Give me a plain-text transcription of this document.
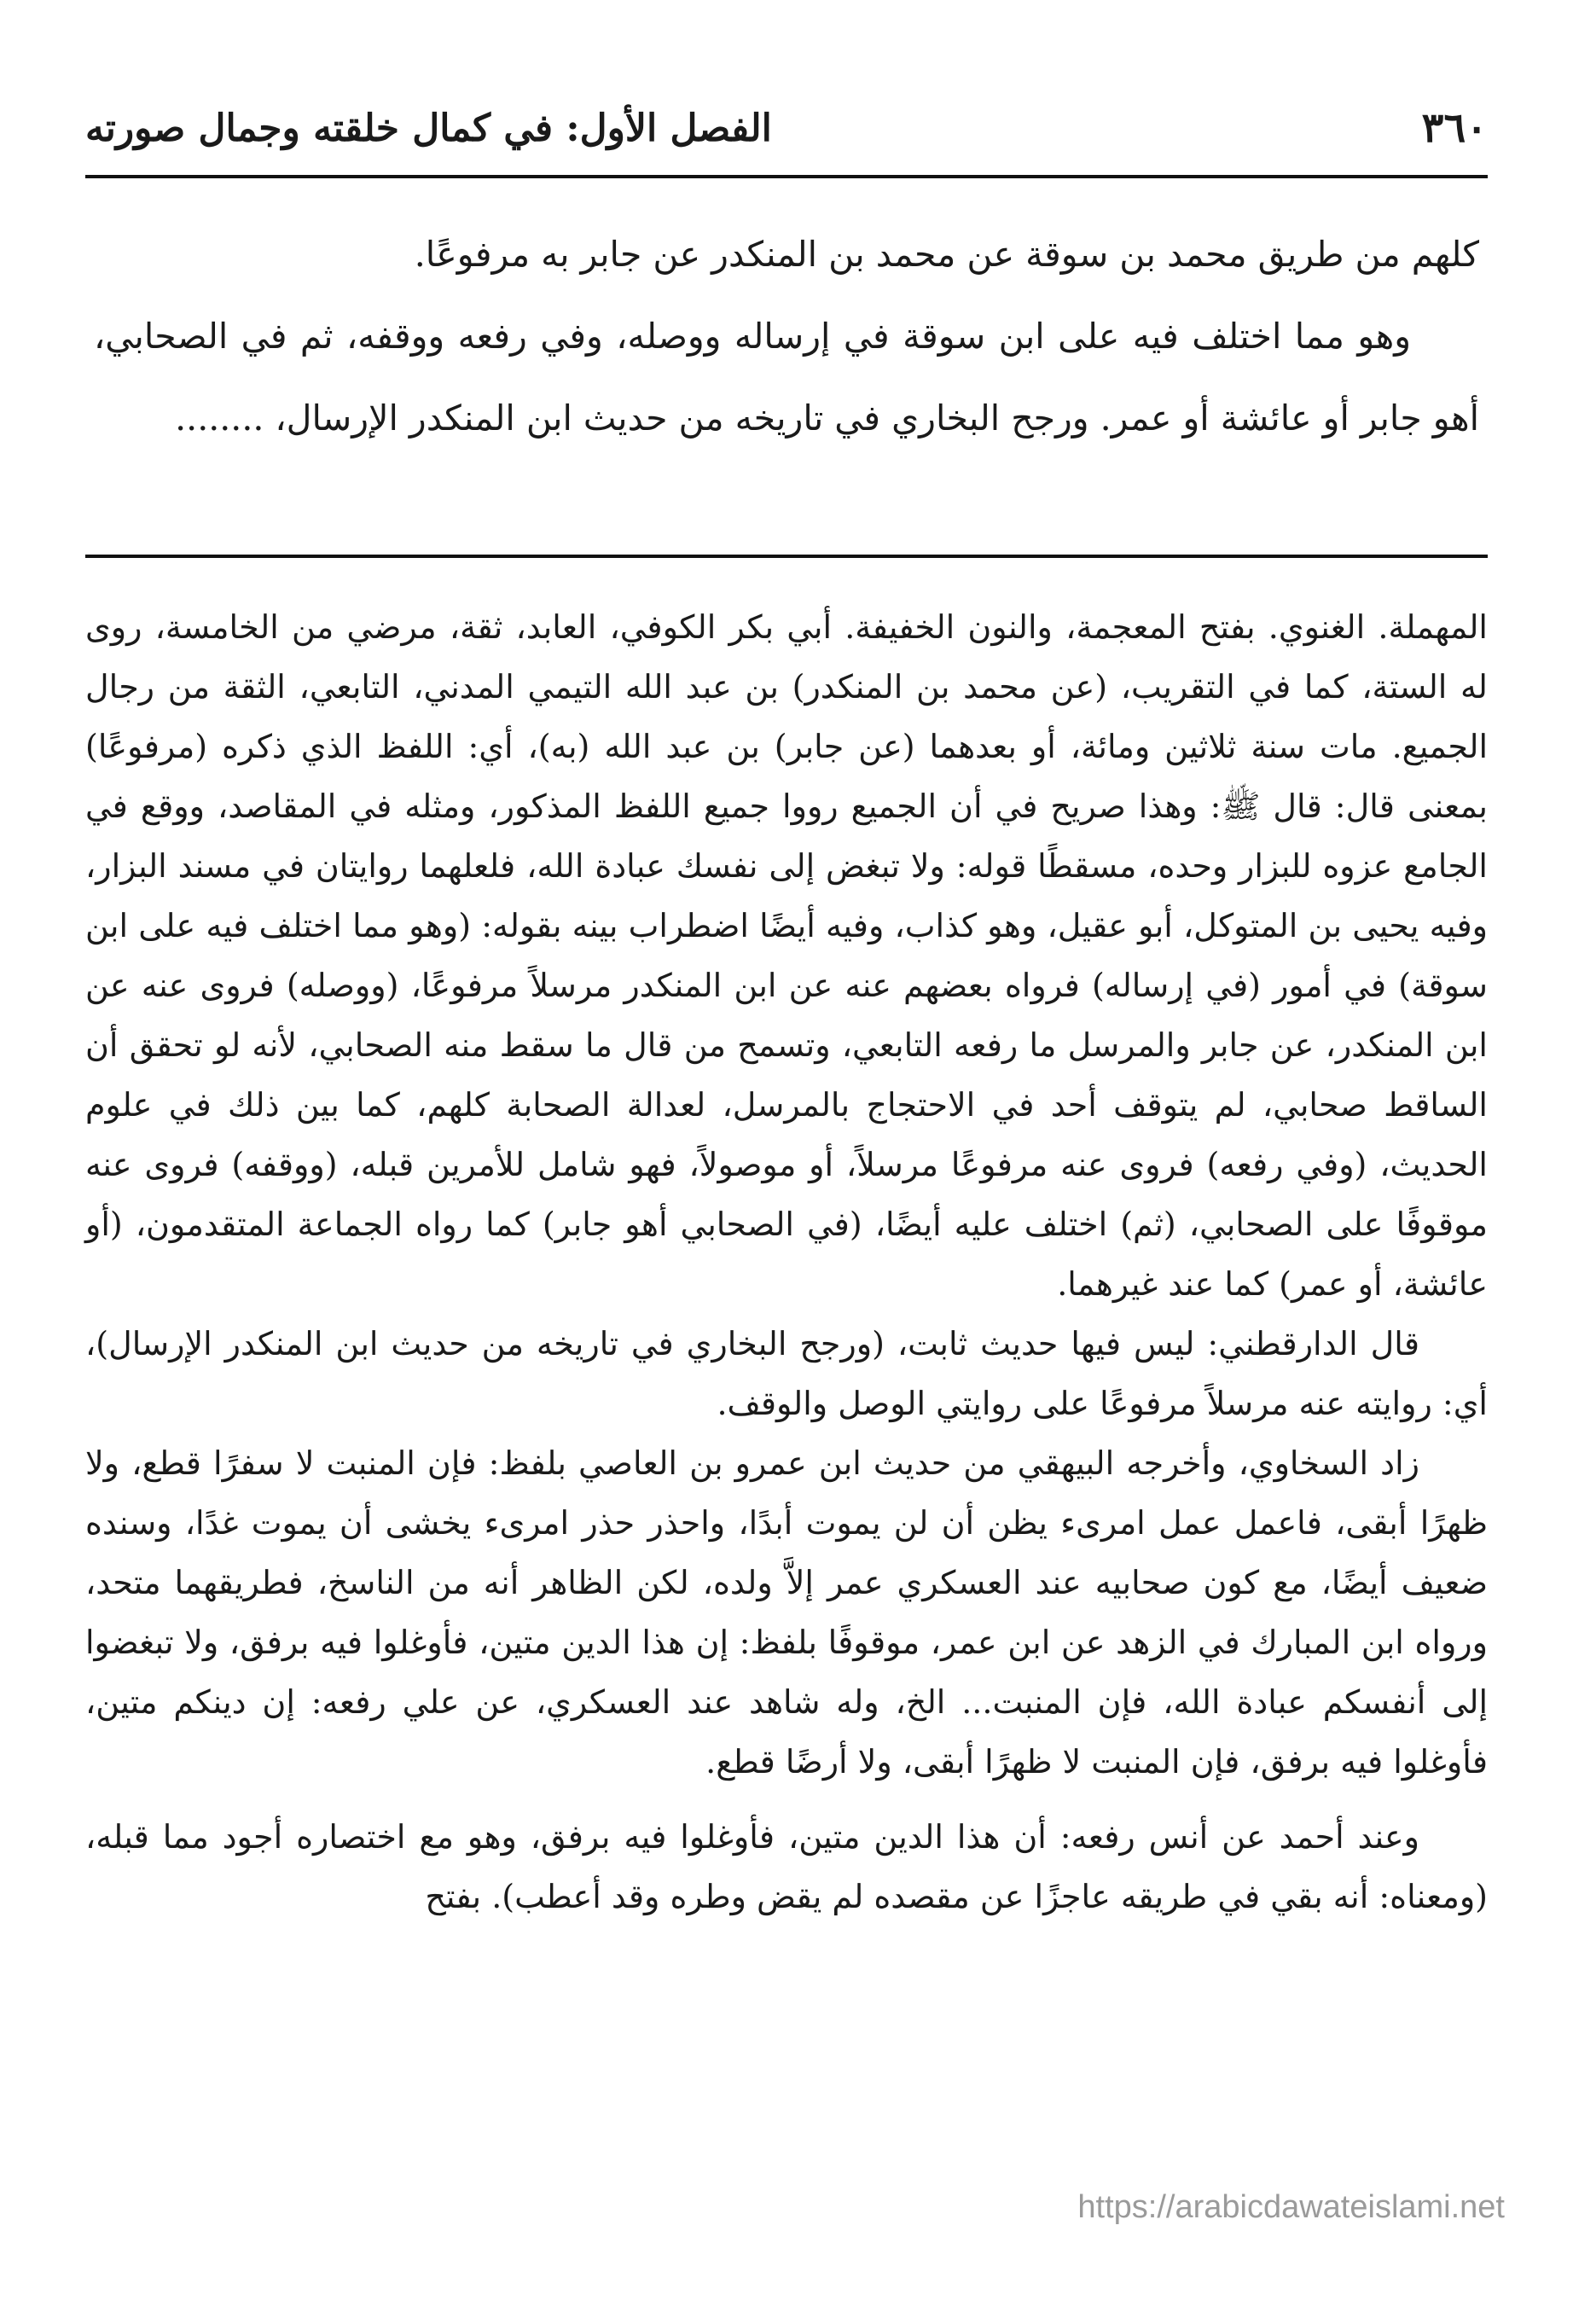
٣٦٠
الفصل الأول: في كمال خلقته وجمال صورته

كلهم من طريق محمد بن سوقة عن محمد بن المنكدر عن جابر به مرفوعًا.

وهو مما اختلف فيه على ابن سوقة في إرساله ووصله، وفي رفعه ووقفه، ثم في الصحابي، أهو جابر أو عائشة أو عمر. ورجح البخاري في تاريخه من حديث ابن المنكدر الإرسال، ........

المهملة. الغنوي. بفتح المعجمة، والنون الخفيفة. أبي بكر الكوفي، العابد، ثقة، مرضي من الخامسة، روى له الستة، كما في التقريب، (عن محمد بن المنكدر) بن عبد الله التيمي المدني، التابعي، الثقة من رجال الجميع. مات سنة ثلاثين ومائة، أو بعدهما (عن جابر) بن عبد الله (به)، أي: اللفظ الذي ذكره (مرفوعًا) بمعنى قال: قال ﷺ: وهذا صريح في أن الجميع رووا جميع اللفظ المذكور، ومثله في المقاصد، ووقع في الجامع عزوه للبزار وحده، مسقطًا قوله: ولا تبغض إلى نفسك عبادة الله، فلعلهما روايتان في مسند البزار، وفيه يحيى بن المتوكل، أبو عقيل، وهو كذاب، وفيه أيضًا اضطراب بينه بقوله: (وهو مما اختلف فيه على ابن سوقة) في أمور (في إرساله) فرواه بعضهم عنه عن ابن المنكدر مرسلاً مرفوعًا، (ووصله) فروى عنه عن ابن المنكدر، عن جابر والمرسل ما رفعه التابعي، وتسمح من قال ما سقط منه الصحابي، لأنه لو تحقق أن الساقط صحابي، لم يتوقف أحد في الاحتجاج بالمرسل، لعدالة الصحابة كلهم، كما بين ذلك في علوم الحديث، (وفي رفعه) فروى عنه مرفوعًا مرسلاً، أو موصولاً، فهو شامل للأمرين قبله، (ووقفه) فروى عنه موقوفًا على الصحابي، (ثم) اختلف عليه أيضًا، (في الصحابي أهو جابر) كما رواه الجماعة المتقدمون، (أو عائشة، أو عمر) كما عند غيرهما.

قال الدارقطني: ليس فيها حديث ثابت، (ورجح البخاري في تاريخه من حديث ابن المنكدر الإرسال)، أي: روايته عنه مرسلاً مرفوعًا على روايتي الوصل والوقف.

زاد السخاوي، وأخرجه البيهقي من حديث ابن عمرو بن العاصي بلفظ: فإن المنبت لا سفرًا قطع، ولا ظهرًا أبقى، فاعمل عمل امرىء يظن أن لن يموت أبدًا، واحذر حذر امرىء يخشى أن يموت غدًا، وسنده ضعيف أيضًا، مع كون صحابيه عند العسكري عمر إلاَّ ولده، لكن الظاهر أنه من الناسخ، فطريقهما متحد، ورواه ابن المبارك في الزهد عن ابن عمر، موقوفًا بلفظ: إن هذا الدين متين، فأوغلوا فيه برفق، ولا تبغضوا إلى أنفسكم عبادة الله، فإن المنبت... الخ، وله شاهد عند العسكري، عن علي رفعه: إن دينكم متين، فأوغلوا فيه برفق، فإن المنبت لا ظهرًا أبقى، ولا أرضًا قطع.

وعند أحمد عن أنس رفعه: أن هذا الدين متين، فأوغلوا فيه برفق، وهو مع اختصاره أجود مما قبله، (ومعناه: أنه بقي في طريقه عاجزًا عن مقصده لم يقض وطره وقد أعطب). بفتح

https://arabicdawateislami.net
